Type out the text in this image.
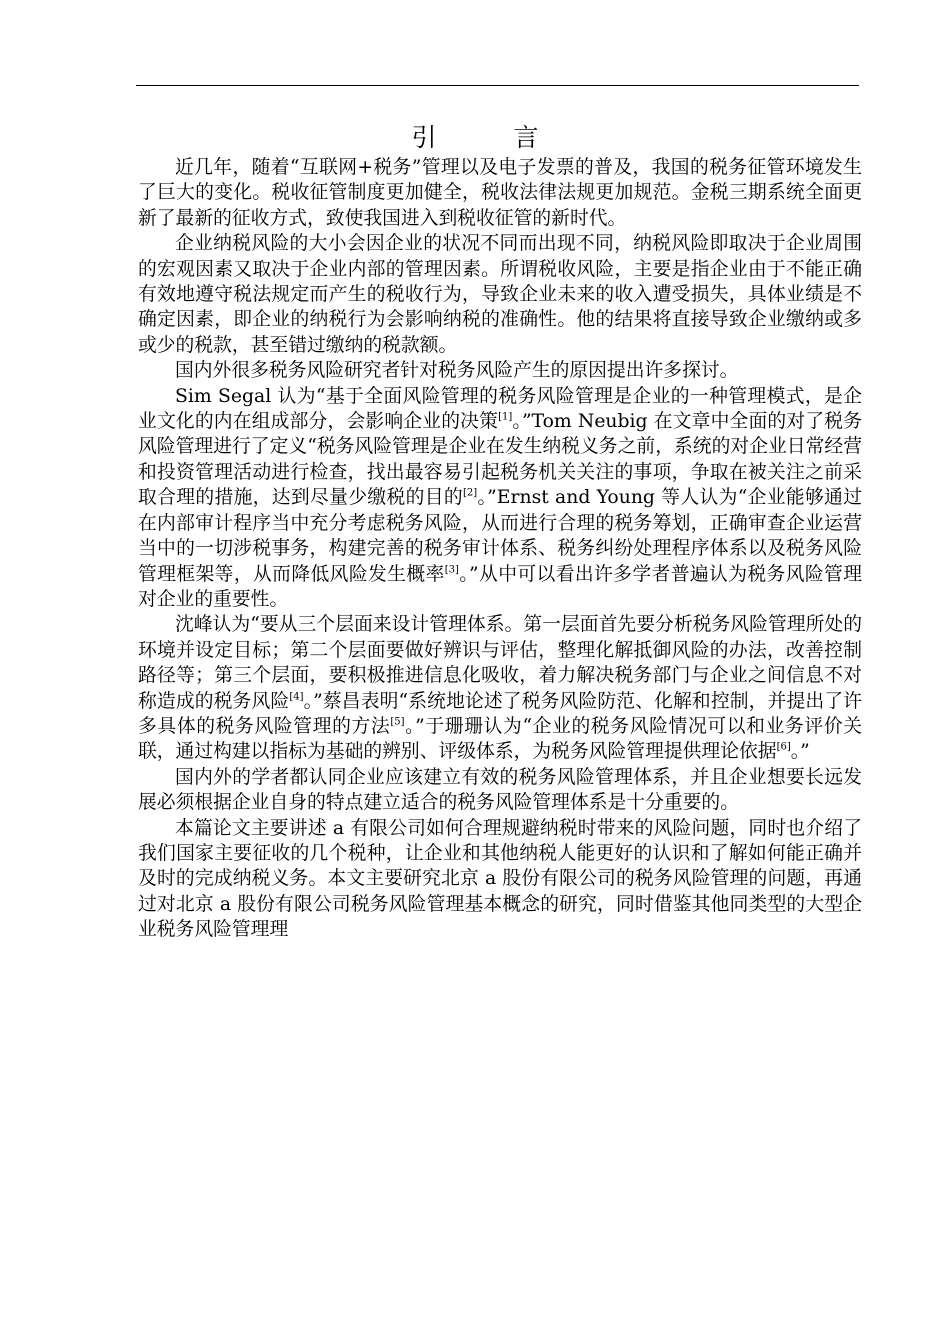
引　言

近几年，随着“互联网+税务”管理以及电子发票的普及，我国的税务征管环境发生了巨大的变化。税收征管制度更加健全，税收法律法规更加规范。金税三期系统全面更新了最新的征收方式，致使我国进入到税收征管的新时代。

企业纳税风险的大小会因企业的状况不同而出现不同，纳税风险即取决于企业周围的宏观因素又取决于企业内部的管理因素。所谓税收风险，主要是指企业由于不能正确有效地遵守税法规定而产生的税收行为，导致企业未来的收入遭受损失，具体业绩是不确定因素，即企业的纳税行为会影响纳税的准确性。他的结果将直接导致企业缴纳或多或少的税款，甚至错过缴纳的税款额。

国内外很多税务风险研究者针对税务风险产生的原因提出许多探讨。

Sim Segal 认为“基于全面风险管理的税务风险管理是企业的一种管理模式，是企业文化的内在组成部分，会影响企业的决策[1]。”Tom Neubig 在文章中全面的对了税务风险管理进行了定义“税务风险管理是企业在发生纳税义务之前，系统的对企业日常经营和投资管理活动进行检查，找出最容易引起税务机关关注的事项，争取在被关注之前采取合理的措施，达到尽量少缴税的目的[2]。”Ernst and Young 等人认为“企业能够通过在内部审计程序当中充分考虑税务风险，从而进行合理的税务筹划，正确审查企业运营当中的一切涉税事务，构建完善的税务审计体系、税务纠纷处理程序体系以及税务风险管理框架等，从而降低风险发生概率[3]。”从中可以看出许多学者普遍认为税务风险管理对企业的重要性。

沈峰认为“要从三个层面来设计管理体系。第一层面首先要分析税务风险管理所处的环境并设定目标；第二个层面要做好辨识与评估，整理化解抵御风险的办法，改善控制路径等；第三个层面，要积极推进信息化吸收，着力解决税务部门与企业之间信息不对称造成的税务风险[4]。”蔡昌表明“系统地论述了税务风险防范、化解和控制，并提出了许多具体的税务风险管理的方法[5]。”于珊珊认为“企业的税务风险情况可以和业务评价关联，通过构建以指标为基础的辨别、评级体系，为税务风险管理提供理论依据[6]。”

国内外的学者都认同企业应该建立有效的税务风险管理体系，并且企业想要长远发展必须根据企业自身的特点建立适合的税务风险管理体系是十分重要的。

本篇论文主要讲述 a 有限公司如何合理规避纳税时带来的风险问题，同时也介绍了我们国家主要征收的几个税种，让企业和其他纳税人能更好的认识和了解如何能正确并及时的完成纳税义务。本文主要研究北京 a 股份有限公司的税务风险管理的问题，再通过对北京 a 股份有限公司税务风险管理基本概念的研究，同时借鉴其他同类型的大型企业税务风险管理理
